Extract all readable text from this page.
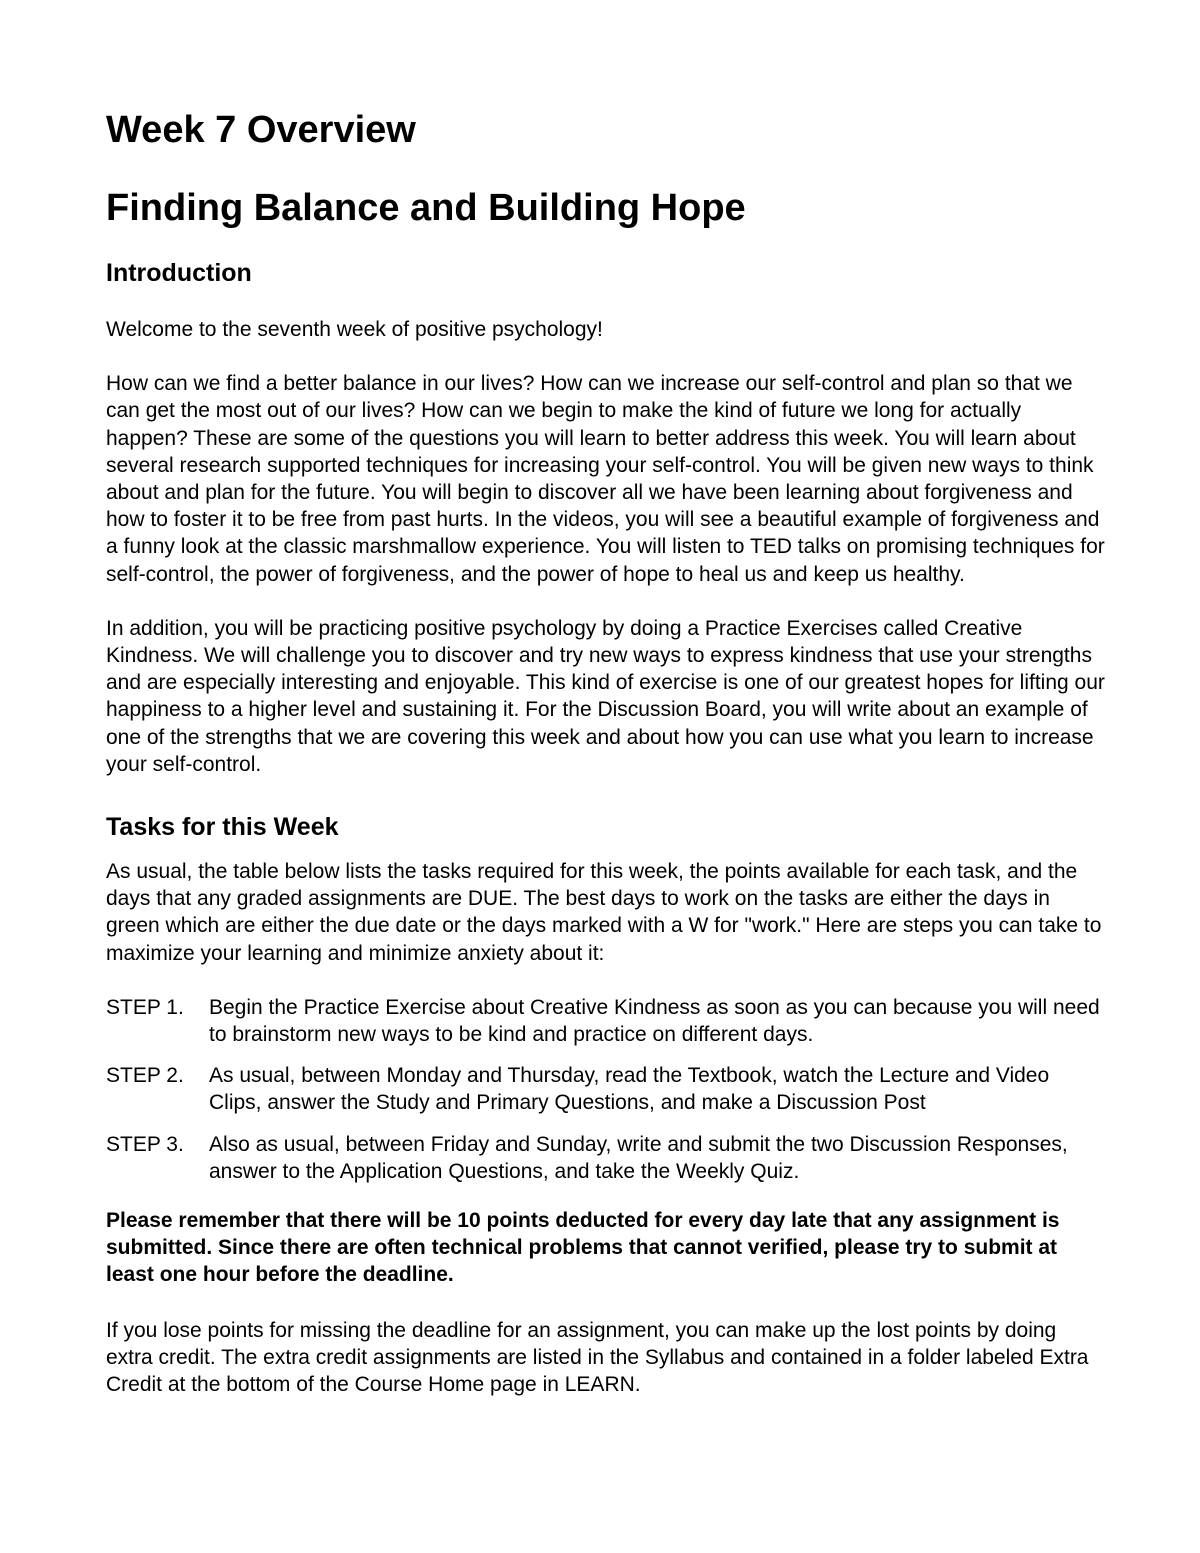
Week 7 Overview
Finding Balance and Building Hope
Introduction

Welcome to the seventh week of positive psychology!

How can we find a better balance in our lives? How can we increase our self-control and plan so that we can get the most out of our lives? How can we begin to make the kind of future we long for actually happen? These are some of the questions you will learn to better address this week. You will learn about several research supported techniques for increasing your self-control. You will be given new ways to think about and plan for the future. You will begin to discover all we have been learning about forgiveness and how to foster it to be free from past hurts. In the videos, you will see a beautiful example of forgiveness and a funny look at the classic marshmallow experience. You will listen to TED talks on promising techniques for self-control, the power of forgiveness, and the power of hope to heal us and keep us healthy.

In addition, you will be practicing positive psychology by doing a Practice Exercises called Creative Kindness. We will challenge you to discover and try new ways to express kindness that use your strengths and are especially interesting and enjoyable. This kind of exercise is one of our greatest hopes for lifting our happiness to a higher level and sustaining it. For the Discussion Board, you will write about an example of one of the strengths that we are covering this week and about how you can use what you learn to increase your self-control.

Tasks for this Week

As usual, the table below lists the tasks required for this week, the points available for each task, and the days that any graded assignments are DUE. The best days to work on the tasks are either the days in green which are either the due date or the days marked with a W for "work." Here are steps you can take to maximize your learning and minimize anxiety about it:

STEP 1.	Begin the Practice Exercise about Creative Kindness as soon as you can because you will need to brainstorm new ways to be kind and practice on different days.
STEP 2.	As usual, between Monday and Thursday, read the Textbook, watch the Lecture and Video Clips, answer the Study and Primary Questions, and make a Discussion Post
STEP 3.	Also as usual, between Friday and Sunday, write and submit the two Discussion Responses, answer to the Application Questions, and take the Weekly Quiz.

Please remember that there will be 10 points deducted for every day late that any assignment is submitted. Since there are often technical problems that cannot verified, please try to submit at least one hour before the deadline.

If you lose points for missing the deadline for an assignment, you can make up the lost points by doing extra credit. The extra credit assignments are listed in the Syllabus and contained in a folder labeled Extra Credit at the bottom of the Course Home page in LEARN.
